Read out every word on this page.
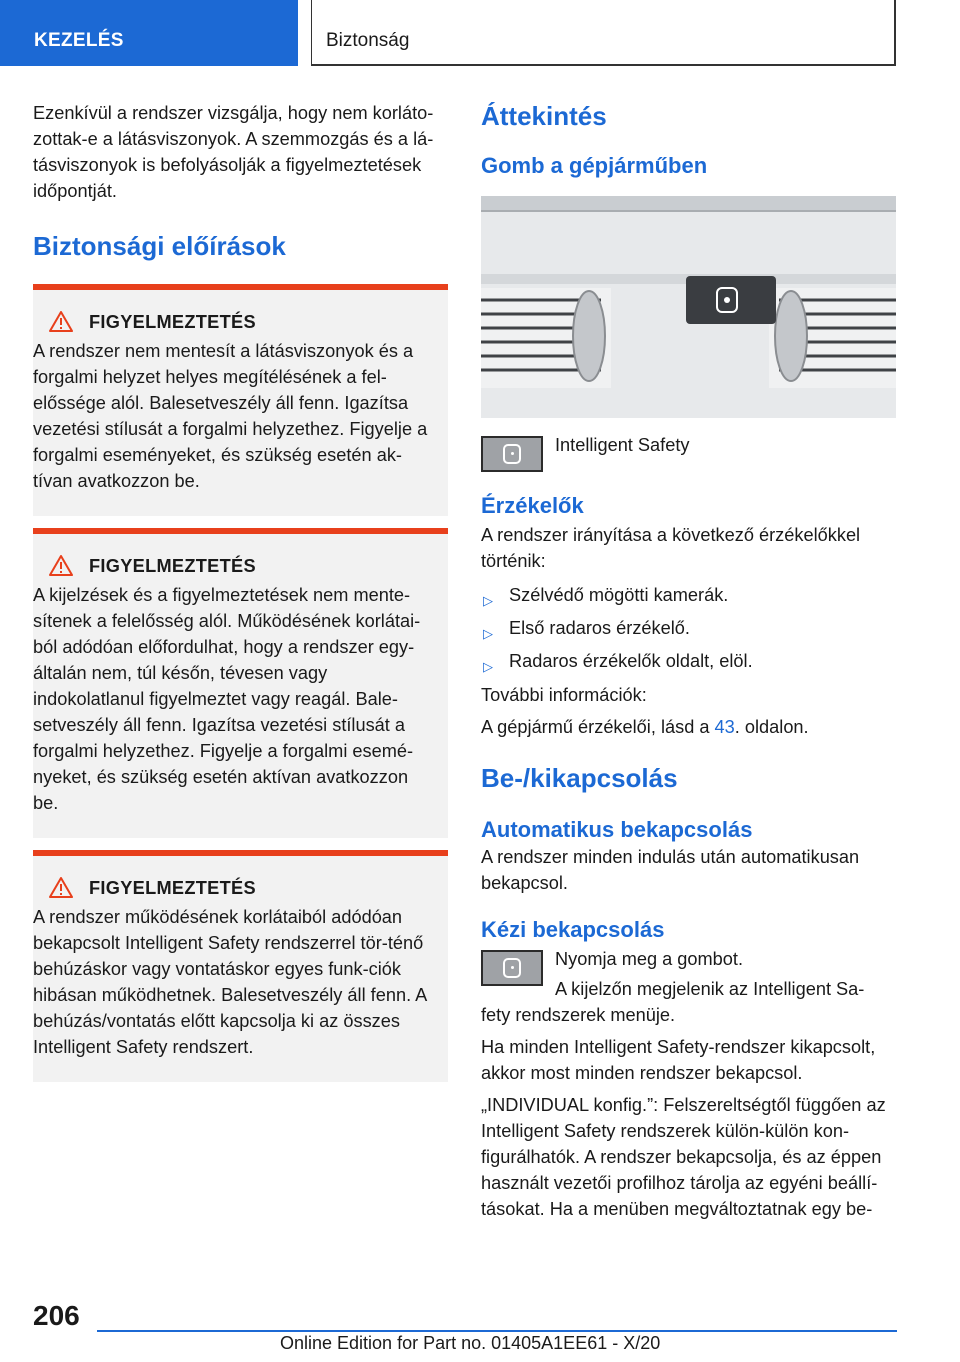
KEZELÉS	Biztonság

Ezenkívül a rendszer vizsgálja, hogy nem korláto-zottak-e a látásviszonyok. A szemmozgás és a lá-tásviszonyok is befolyásolják a figyelmeztetések időpontját.

Biztonsági előírások
FIGYELMEZTETÉS
A rendszer nem mentesít a látásviszonyok és a forgalmi helyzet helyes megítélésének a fel-előssége alól. Balesetveszély áll fenn. Igazítsa vezetési stílusát a forgalmi helyzethez. Figyelje a forgalmi eseményeket, és szükség esetén ak-tívan avatkozzon be.
FIGYELMEZTETÉS
A kijelzések és a figyelmeztetések nem mente-sítenek a felelősség alól. Működésének korlátai-ból adódóan előfordulhat, hogy a rendszer egy-általán nem, túl későn, tévesen vagy indokolatlanul figyelmeztet vagy reagál. Bale-setveszély áll fenn. Igazítsa vezetési stílusát a forgalmi helyzethez. Figyelje a forgalmi esemé-nyeket, és szükség esetén aktívan avatkozzon be.
FIGYELMEZTETÉS
A rendszer működésének korlátaiból adódóan bekapcsolt Intelligent Safety rendszerrel tör-ténő behúzáskor vagy vontatáskor egyes funk-ciók hibásan működhetnek. Balesetveszély áll fenn. A behúzás/vontatás előtt kapcsolja ki az összes Intelligent Safety rendszert.
Áttekintés
Gomb a gépjárműben
Intelligent Safety
Érzékelők

A rendszer irányítása a következő érzékelőkkel történik:

▷ Szélvédő mögötti kamerák.
▷ Első radaros érzékelő.
▷ Radaros érzékelők oldalt, elöl.

További információk:

A gépjármű érzékelői, lásd a 43. oldalon.

Be-/kikapcsolás
Automatikus bekapcsolás

A rendszer minden indulás után automatikusan bekapcsol.

Kézi bekapcsolás

Nyomja meg a gombot.

A kijelzőn megjelenik az Intelligent Sa-

fety rendszerek menüje.

Ha minden Intelligent Safety-rendszer kikapcsolt, akkor most minden rendszer bekapcsol.

„INDIVIDUAL konfig.”: Felszereltségtől függően az Intelligent Safety rendszerek külön-külön kon-figurálhatók. A rendszer bekapcsolja, és az éppen használt vezetői profilhoz tárolja az egyéni beállí-tásokat. Ha a menüben megváltoztatnak egy be-

206
Online Edition for Part no. 01405A1EE61 - X/20
